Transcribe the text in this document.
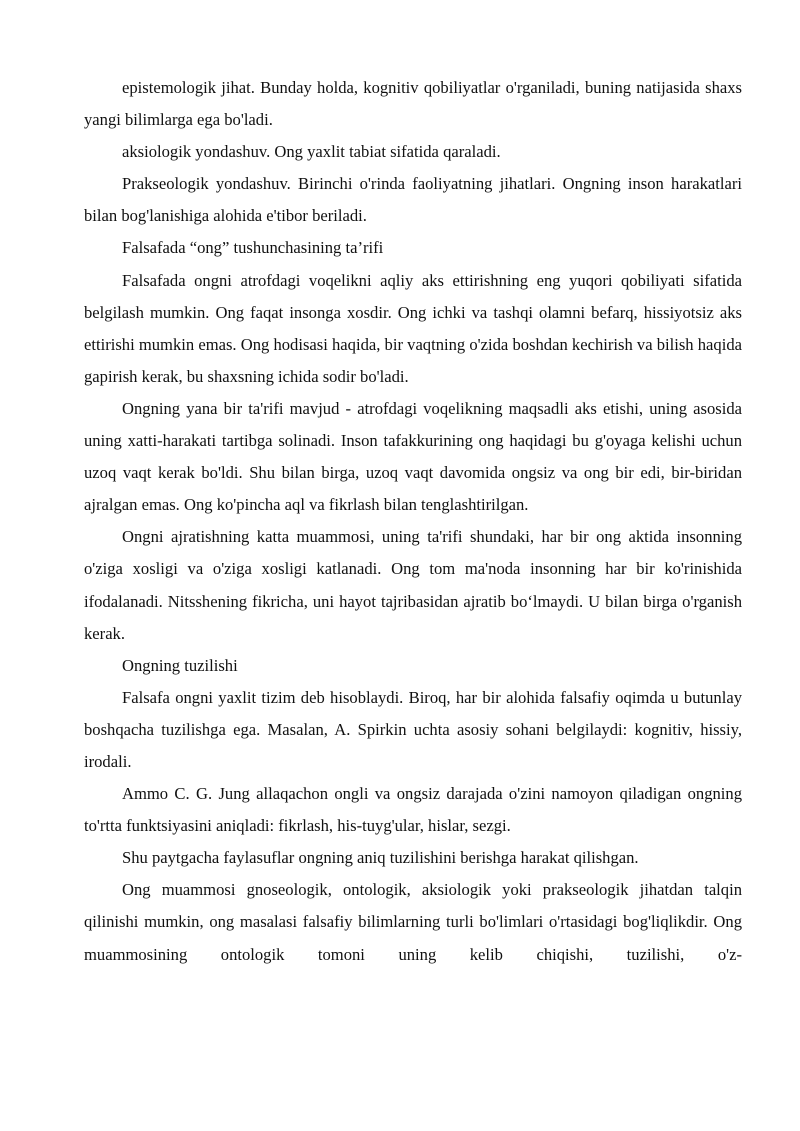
epistemologik jihat. Bunday holda, kognitiv qobiliyatlar o'rganiladi, buning natijasida shaxs yangi bilimlarga ega bo'ladi.

aksiologik yondashuv. Ong yaxlit tabiat sifatida qaraladi.

Prakseologik yondashuv. Birinchi o'rinda faoliyatning jihatlari. Ongning inson harakatlari bilan bog'lanishiga alohida e'tibor beriladi.

Falsafada “ong” tushunchasining ta’rifi

Falsafada ongni atrofdagi voqelikni aqliy aks ettirishning eng yuqori qobiliyati sifatida belgilash mumkin. Ong faqat insonga xosdir. Ong ichki va tashqi olamni befarq, hissiyotsiz aks ettirishi mumkin emas. Ong hodisasi haqida, bir vaqtning o'zida boshdan kechirish va bilish haqida gapirish kerak, bu shaxsning ichida sodir bo'ladi.

Ongning yana bir ta'rifi mavjud - atrofdagi voqelikning maqsadli aks etishi, uning asosida uning xatti-harakati tartibga solinadi. Inson tafakkurining ong haqidagi bu g'oyaga kelishi uchun uzoq vaqt kerak bo'ldi. Shu bilan birga, uzoq vaqt davomida ongsiz va ong bir edi, bir-biridan ajralgan emas. Ong ko'pincha aql va fikrlash bilan tenglashtirilgan.

Ongni ajratishning katta muammosi, uning ta'rifi shundaki, har bir ong aktida insonning o'ziga xosligi va o'ziga xosligi katlanadi. Ong tom ma'noda insonning har bir ko'rinishida ifodalanadi. Nitsshening fikricha, uni hayot tajribasidan ajratib bo‘lmaydi. U bilan birga o'rganish kerak.

Ongning tuzilishi

Falsafa ongni yaxlit tizim deb hisoblaydi. Biroq, har bir alohida falsafiy oqimda u butunlay boshqacha tuzilishga ega. Masalan, A. Spirkin uchta asosiy sohani belgilaydi: kognitiv, hissiy, irodali.

Ammo C. G. Jung allaqachon ongli va ongsiz darajada o'zini namoyon qiladigan ongning to'rtta funktsiyasini aniqladi: fikrlash, his-tuyg'ular, hislar, sezgi.

Shu paytgacha faylasuflar ongning aniq tuzilishini berishga harakat qilishgan.

Ong muammosi gnoseologik, ontologik, aksiologik yoki prakseologik jihatdan talqin qilinishi mumkin, ong masalasi falsafiy bilimlarning turli bo'limlari o'rtasidagi bog'liqlikdir. Ong muammosining ontologik tomoni uning kelib chiqishi, tuzilishi, o'z-
